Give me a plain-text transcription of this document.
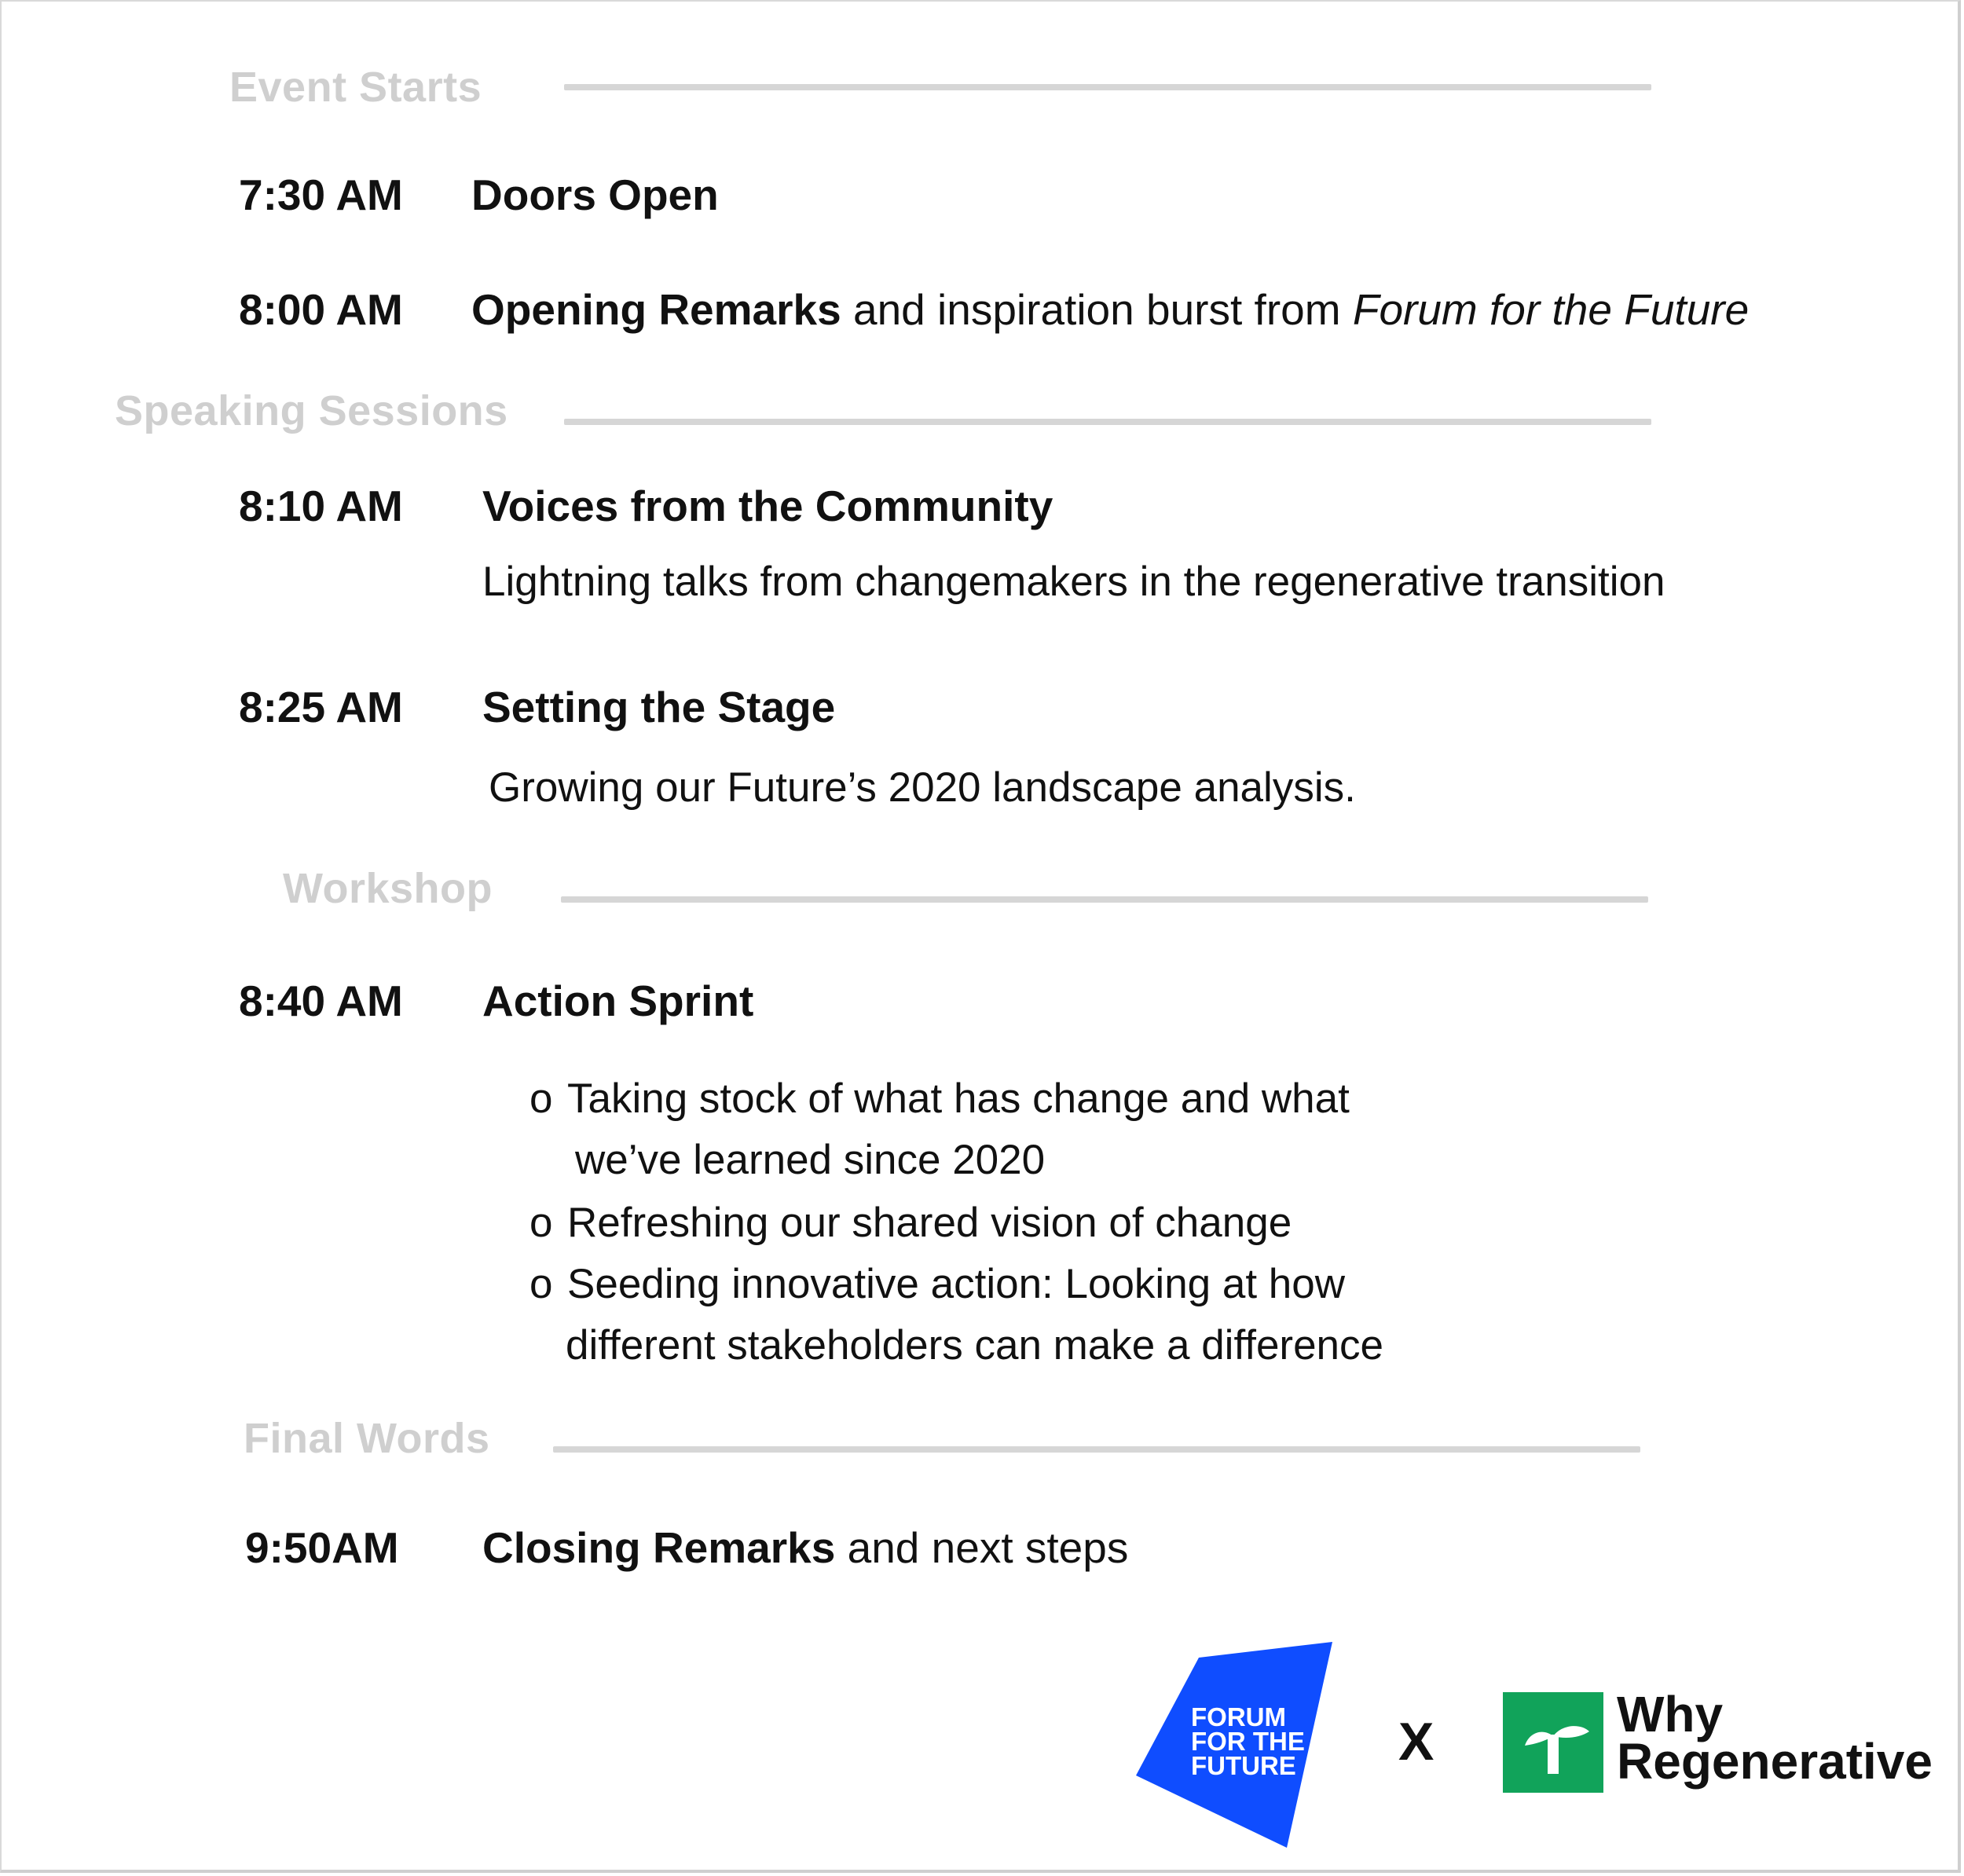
Event Starts
7:30 AM Doors Open
8:00 AM Opening Remarks and inspiration burst from Forum for the Future
Speaking Sessions
8:10 AM Voices from the Community
Lightning talks from changemakers in the regenerative transition
8:25 AM Setting the Stage
Growing our Future’s 2020 landscape analysis.
Workshop
8:40 AM Action Sprint
o Taking stock of what has change and what
we’ve learned since 2020
o Refreshing our shared vision of change
o Seeding innovative action: Looking at how
different stakeholders can make a difference
Final Words
9:50AM Closing Remarks and next steps
FORUM
FOR THE
FUTURE X	Why
Regenerative
